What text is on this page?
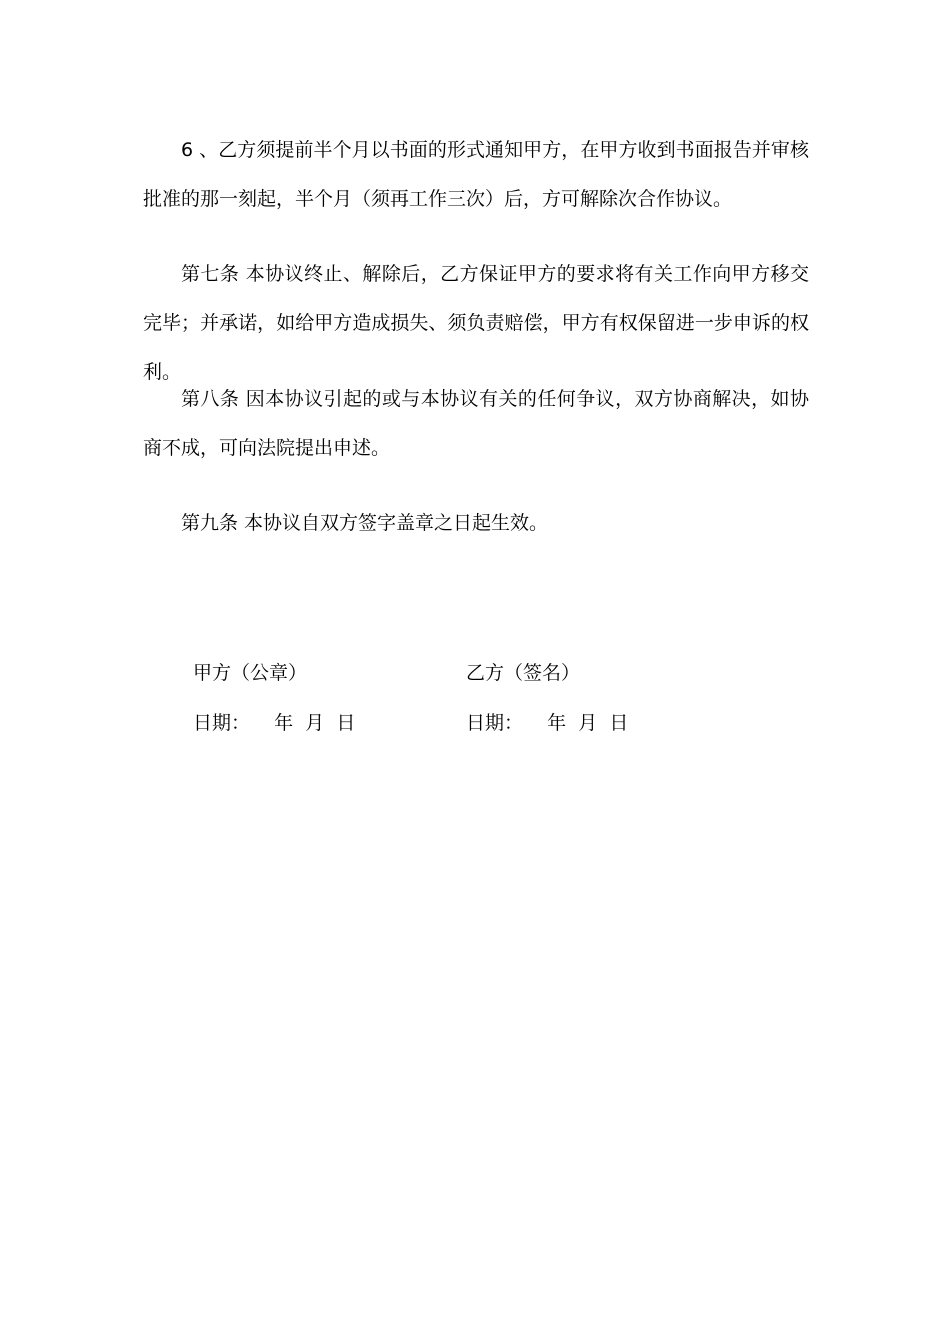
6 、乙方须提前半个月以书面的形式通知甲方，在甲方收到书面报告并审核批准的那一刻起，半个月（须再工作三次）后，方可解除次合作协议。

第七条 本协议终止、解除后，乙方保证甲方的要求将有关工作向甲方移交完毕；并承诺，如给甲方造成损失、须负责赔偿，甲方有权保留进一步申诉的权利。

第八条 因本协议引起的或与本协议有关的任何争议，双方协商解决，如协商不成，可向法院提出申述。

第九条 本协议自双方签字盖章之日起生效。

甲方（公章）	乙方（签名）
日期：    年  月  日	日期：    年  月  日
